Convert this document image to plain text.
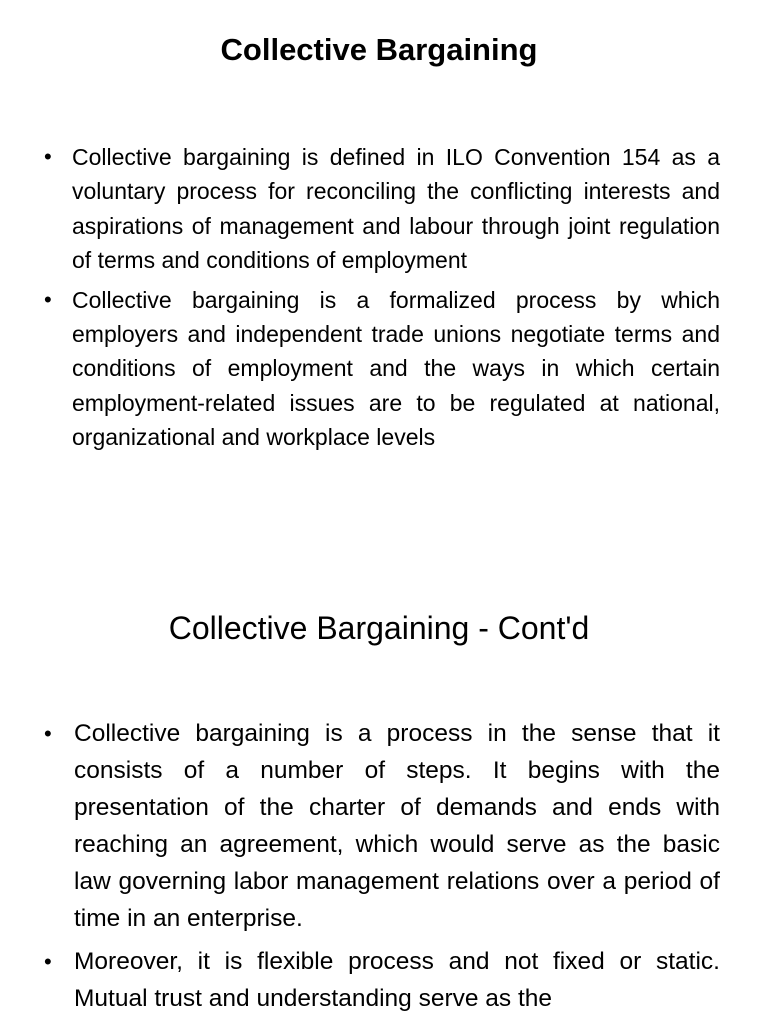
Collective Bargaining
• Collective bargaining is defined in ILO Convention 154 as a voluntary process for reconciling the conflicting interests and aspirations of management and labour through joint regulation of terms and conditions of employment
• Collective bargaining is a formalized process by which employers and independent trade unions negotiate terms and conditions of employment and the ways in which certain employment-related issues are to be regulated at national, organizational and workplace levels
Collective Bargaining - Cont'd
• Collective bargaining is a process in the sense that it consists of a number of steps. It begins with the presentation of the charter of demands and ends with reaching an agreement, which would serve as the basic law governing labor management relations over a period of time in an enterprise.
• Moreover, it is flexible process and not fixed or static. Mutual trust and understanding serve as the
